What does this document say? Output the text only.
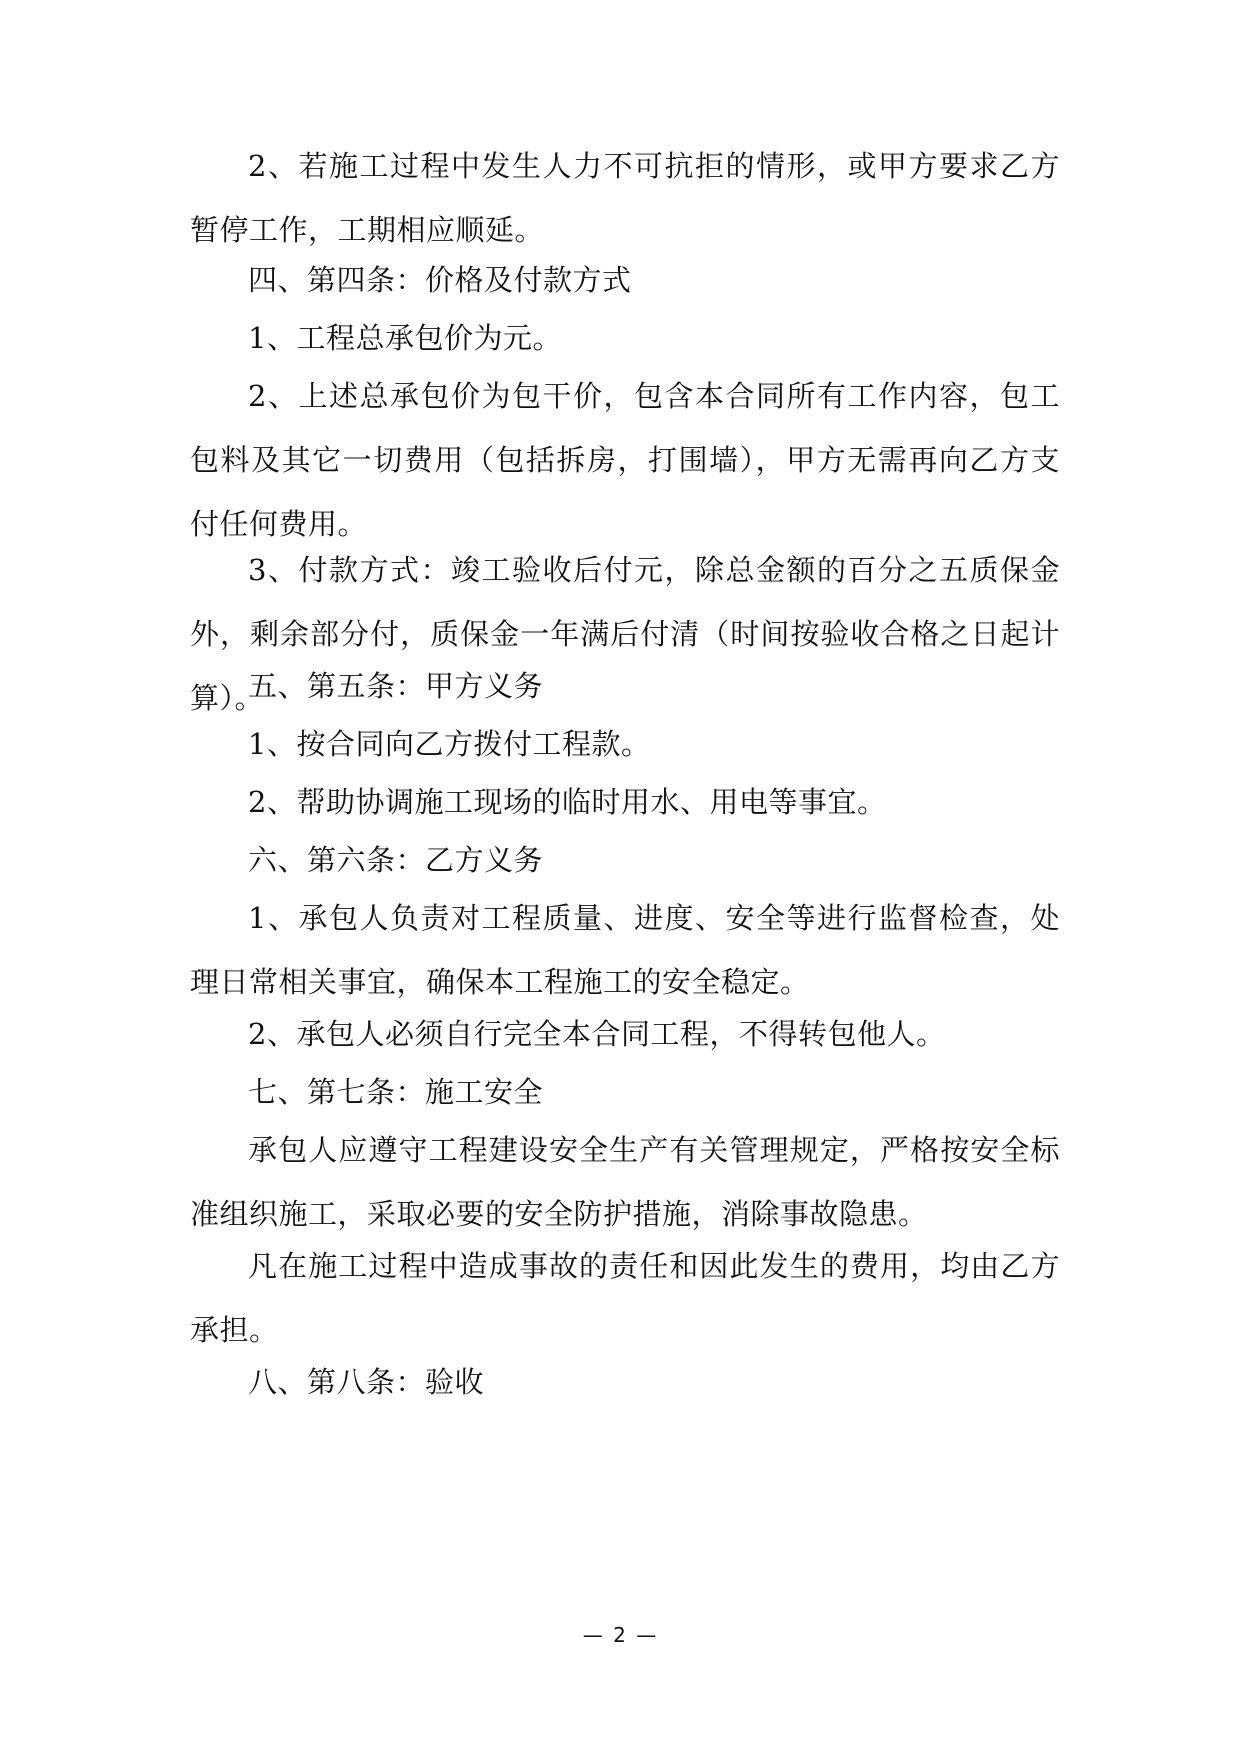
2、若施工过程中发生人力不可抗拒的情形，或甲方要求乙方暂停工作，工期相应顺延。

四、第四条：价格及付款方式

1、工程总承包价为元。

2、上述总承包价为包干价，包含本合同所有工作内容，包工包料及其它一切费用（包括拆房，打围墙），甲方无需再向乙方支付任何费用。

3、付款方式：竣工验收后付元，除总金额的百分之五质保金外，剩余部分付，质保金一年满后付清（时间按验收合格之日起计算）。

五、第五条：甲方义务

1、按合同向乙方拨付工程款。

2、帮助协调施工现场的临时用水、用电等事宜。

六、第六条：乙方义务

1、承包人负责对工程质量、进度、安全等进行监督检查，处理日常相关事宜，确保本工程施工的安全稳定。

2、承包人必须自行完全本合同工程，不得转包他人。

七、第七条：施工安全

承包人应遵守工程建设安全生产有关管理规定，严格按安全标准组织施工，采取必要的安全防护措施，消除事故隐患。

凡在施工过程中造成事故的责任和因此发生的费用，均由乙方承担。

八、第八条：验收

— 2 —
